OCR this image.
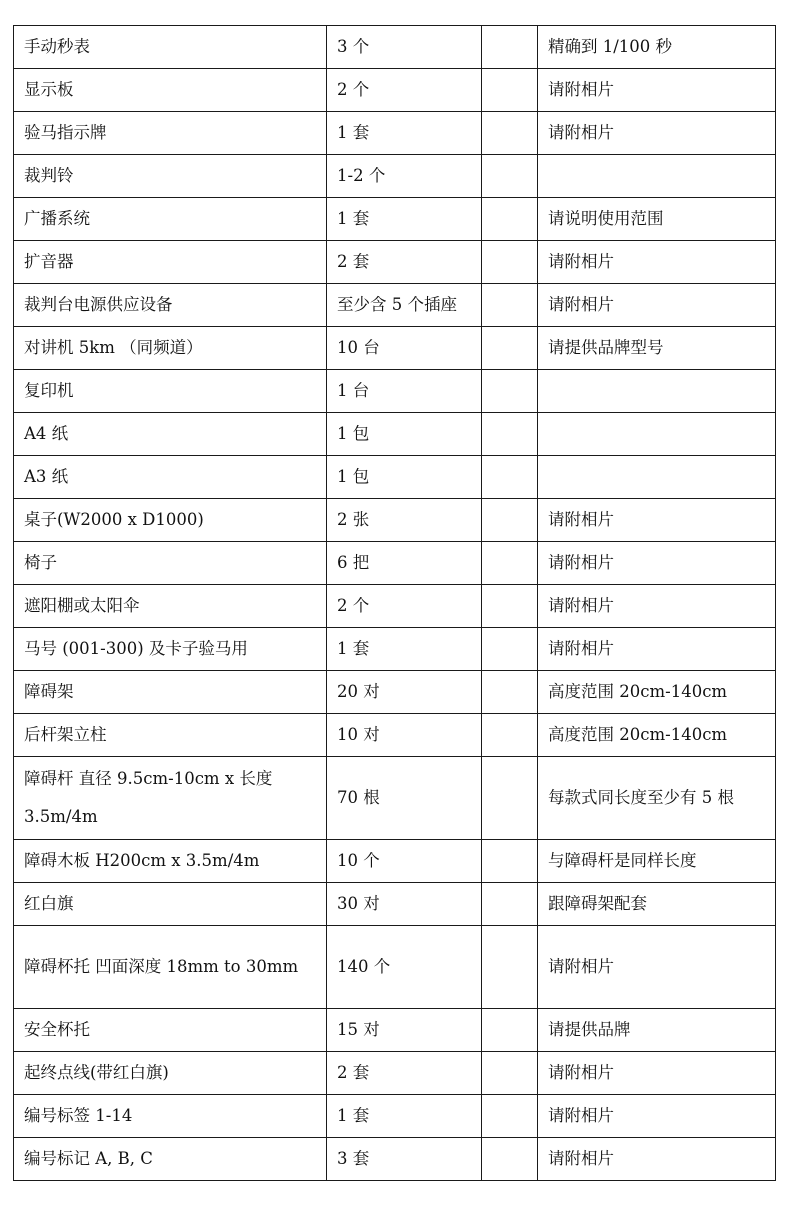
手动秒表	3 个		精确到 1/100 秒
显示板	2 个		请附相片
验马指示牌	1 套		请附相片
裁判铃	1-2 个		
广播系统	1 套		请说明使用范围
扩音器	2 套		请附相片
裁判台电源供应设备	至少含 5 个插座		请附相片
对讲机 5km （同频道）	10 台		请提供品牌型号
复印机	1 台		
A4 纸	1 包		
A3 纸	1 包		
桌子(W2000 x D1000)	2 张		请附相片
椅子	6 把		请附相片
遮阳棚或太阳伞	2 个		请附相片
马号 (001-300) 及卡子验马用	1 套		请附相片
障碍架	20 对		高度范围 20cm-140cm
后杆架立柱	10 对		高度范围 20cm-140cm
障碍杆 直径 9.5cm-10cm x 长度 3.5m/4m	70 根		每款式同长度至少有 5 根
障碍木板 H200cm x 3.5m/4m	10 个		与障碍杆是同样长度
红白旗	30 对		跟障碍架配套
障碍杯托 凹面深度 18mm to 30mm	140 个		请附相片
安全杯托	15 对		请提供品牌
起终点线(带红白旗)	2 套		请附相片
编号标签 1-14	1 套		请附相片
编号标记 A, B, C	3 套		请附相片
